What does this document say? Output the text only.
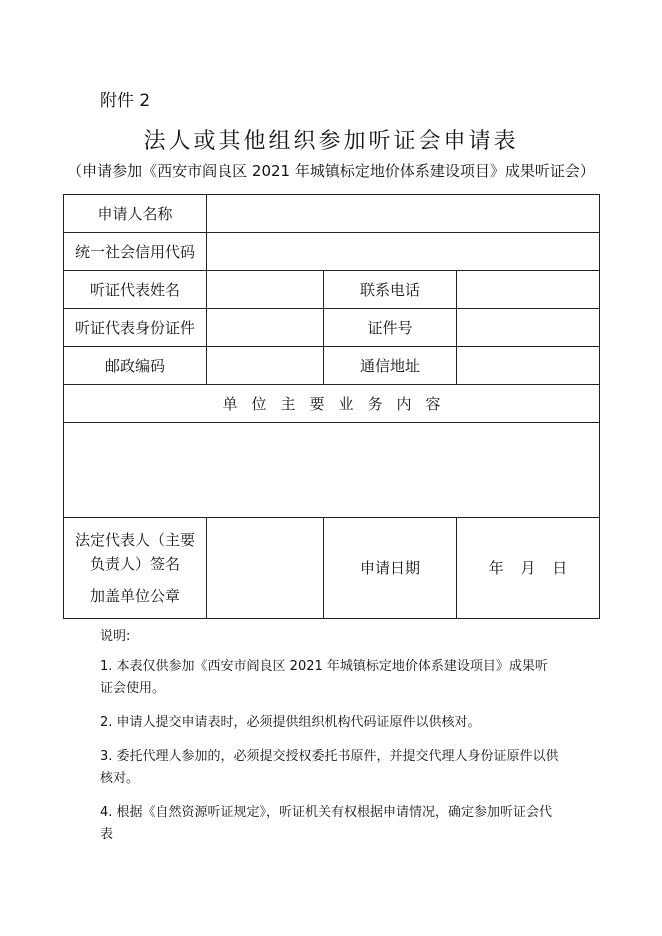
附件 2
法人或其他组织参加听证会申请表
（申请参加《西安市阎良区 2021 年城镇标定地价体系建设项目》成果听证会）
申请人名称			
统一社会信用代码			
听证代表姓名		联系电话	
听证代表身份证件		证件号	
邮政编码		通信地址	
单位主要业务内容			

法定代表人（主要
负责人）签名
加盖单位公章		申请日期	年 月 日
说明:

1. 本表仅供参加《西安市阎良区 2021 年城镇标定地价体系建设项目》成果听证会使用。

2. 申请人提交申请表时，必须提供组织机构代码证原件以供核对。

3. 委托代理人参加的，必须提交授权委托书原件，并提交代理人身份证原件以供核对。

4. 根据《自然资源听证规定》，听证机关有权根据申请情况，确定参加听证会代表
